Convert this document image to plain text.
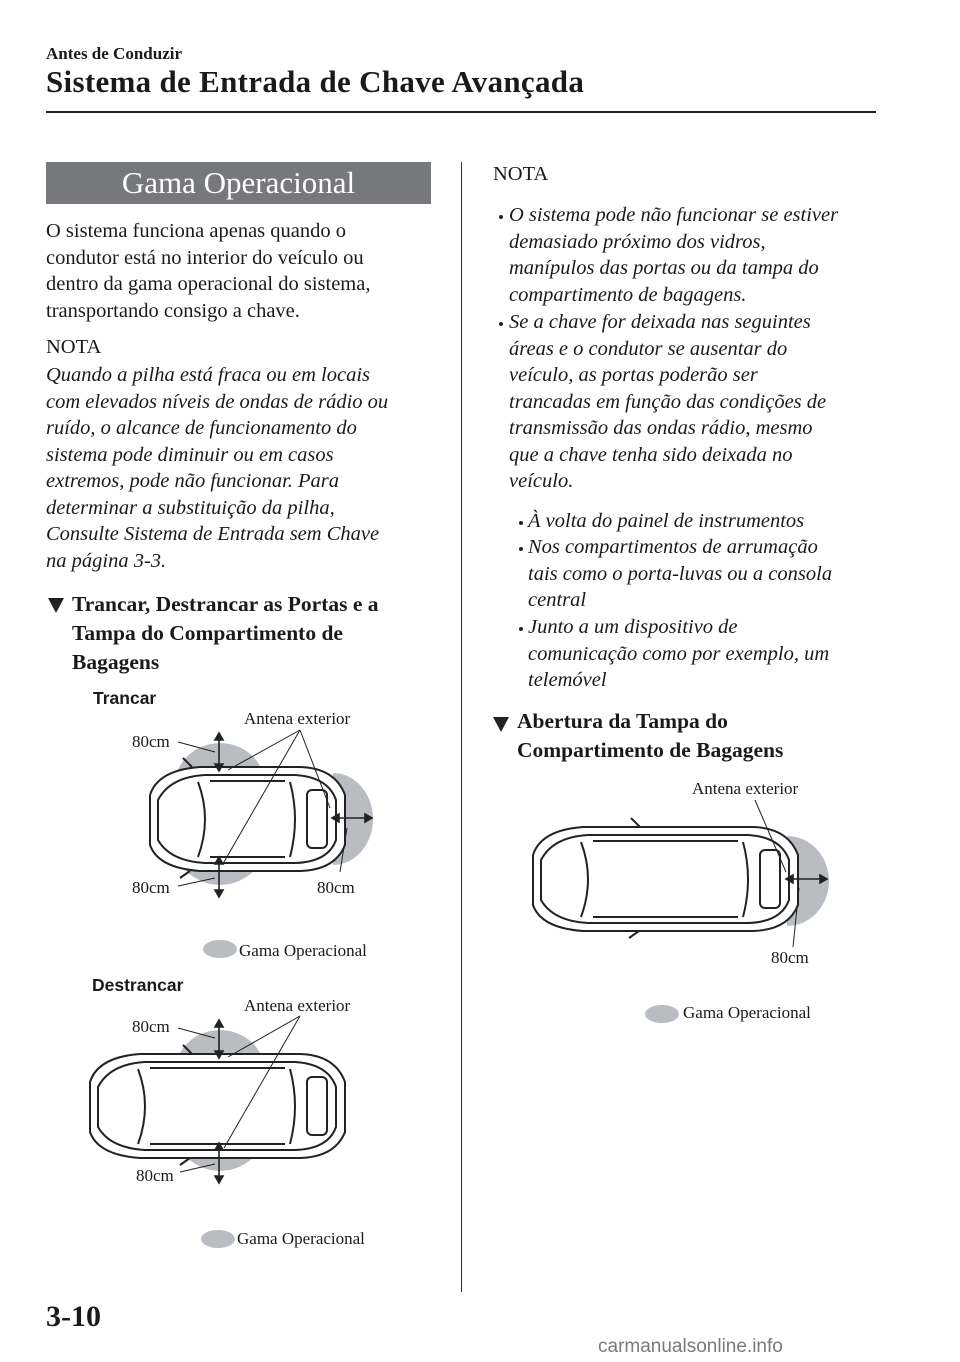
Antes de Conduzir
Sistema de Entrada de Chave Avançada
Gama Operacional
O sistema funciona apenas quando o
condutor está no interior do veículo ou
dentro da gama operacional do sistema,
transportando consigo a chave.
NOTA
Quando a pilha está fraca ou em locais
com elevados níveis de ondas de rádio ou
ruído, o alcance de funcionamento do
sistema pode diminuir ou em casos
extremos, pode não funcionar. Para
determinar a substituição da pilha,
Consulte Sistema de Entrada sem Chave
na página 3-3.
Trancar, Destrancar as Portas e a
Tampa do Compartimento de
Bagagens
Trancar
Antena exterior
80cm
80cm	80cm
Gama Operacional
Destrancar
Antena exterior
80cm
80cm
Gama Operacional
NOTA
O sistema pode não funcionar se estiver
demasiado próximo dos vidros,
manípulos das portas ou da tampa do
compartimento de bagagens.
Se a chave for deixada nas seguintes
áreas e o condutor se ausentar do
veículo, as portas poderão ser
trancadas em função das condições de
transmissão das ondas rádio, mesmo
que a chave tenha sido deixada no
veículo.
À volta do painel de instrumentos
Nos compartimentos de arrumação
tais como o porta-luvas ou a consola
central
Junto a um dispositivo de
comunicação como por exemplo, um
telemóvel
Abertura da Tampa do
Compartimento de Bagagens
Antena exterior
80cm
Gama Operacional
3-10
carmanualsonline.info
